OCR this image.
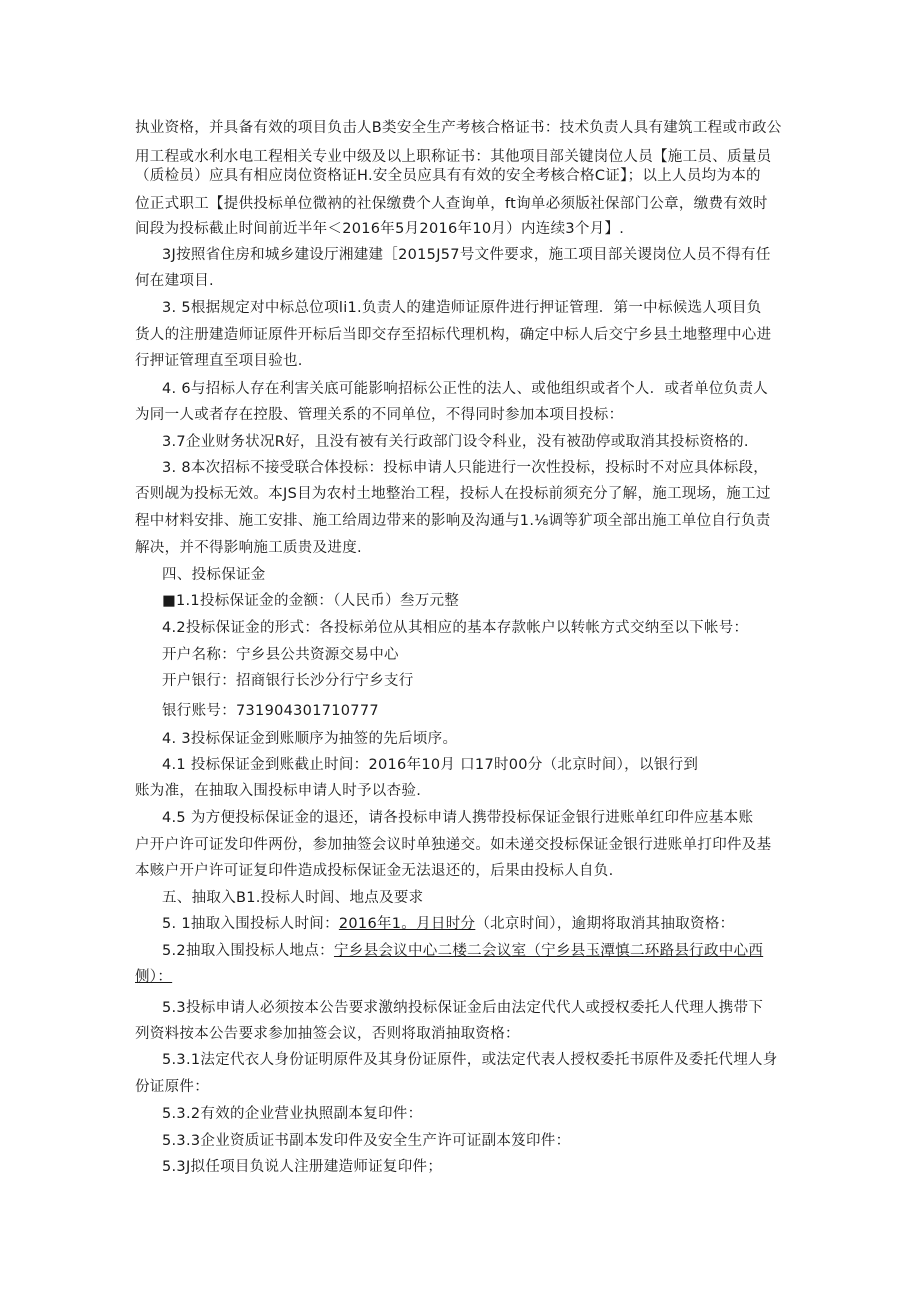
执业资格，并具备有效的项目负击人B类安全生产考核合格证书：技术负责人具有建筑工程或市政公
用工程或水利水电工程相关专业中级及以上职称证书：其他项目部关键岗位人员【施工员、质量员
（质检员）应具有相应岗位资格证H.安全员应具有有效的安全考核合格C证】；以上人员均为本的
位正式职工【提供投标单位微衲的社保缴费个人查询单，ft询单必须版社保部门公章，缴费有效时
间段为投标截止时间前近半年＜2016年5月2016年10月）内连续3个月】.
3J按照省住房和城乡建设厅湘建建［2015J57号文件要求，施工项目部关谡岗位人员不得有任
何在建项目.
3. 5根据规定对中标总位项li1.负责人的建造师证原件进行押证管理．第一中标候选人项目负
货人的注册建造师证原件开标后当即交存至招标代理机构，确定中标人后交宁乡县土地整理中心进
行押证管理直至项目验也.
4. 6与招标人存在利害关底可能影响招标公正性的法人、或他组织或者个人．或者单位负责人
为同一人或者存在控股、管理关系的不同单位，不得同时参加本项目投标：
3.7企业财务状况R好，且没有被有关行政部门设令科业，没有被劭停或取消其投标资格的.
3. 8本次招标不接受联合体投标：投标申请人只能进行一次性投标，投标时不对应具体标段，
否则觇为投标无效。本JS目为农村土地整治工程，投标人在投标前须充分了解，施工现场，施工过
程中材料安排、施工安排、施工给周边带来的影响及沟通与1.⅛调等犷项全部出施工单位自行负责
解决，并不得影响施工质贵及进度.
四、投标保证金
■1.1投标保证金的金额：（人民币）叁万元整
4.2投标保证金的形式：各投标弟位从其相应的基本存款帐户以转帐方式交纳至以下帐号：
开户名称：宁乡县公共资源交易中心
开户银行：招商银行长沙分行宁乡支行
银行账号：731904301710777
4. 3投标保证金到账顺序为抽签的先后顷序。
4.1 投标保证金到账截止时间：2016年10月 口17时00分（北京时间），以银行到
账为准，在抽取入围投标申请人时予以杏验.
4.5 为方便投标保证金的退还，请各投标申请人携带投标保证金银行进账单红印件应基本账
户开户许可证发印件两份，参加抽签会议时单独递交。如未递交投标保证金银行进账单打印件及基
本赅户开户许可证复印件造成投标保证金无法退还的，后果由投标人自负.
五、抽取入B1.投标人时闾、地点及要求
5. 1抽取入围投标人时间：2016年1。月日时分（北京时间），逾期将取消其抽取资格：
5.2抽取入围投标人地点：宁乡县会议中心二楼二会议室（宁乡县玉潭慎二环路县行政中心西
侧）：
5.3投标申请人必须按本公告要求激纳投标保证金后由法定代代人或授权委托人代理人携带下
列资料按本公告要求参加抽签会议，否则将取消抽取资格：
5.3.1法定代衣人身份证明原件及其身份证原件，或法定代表人授权委托书原件及委托代埋人身
份证原件：
5.3.2有效的企业营业执照副本复印件：
5.3.3企业资质证书副本发印件及安全生产许可证副本笈印件：
5.3J拟任项目负说人注册建造师证复印件；
